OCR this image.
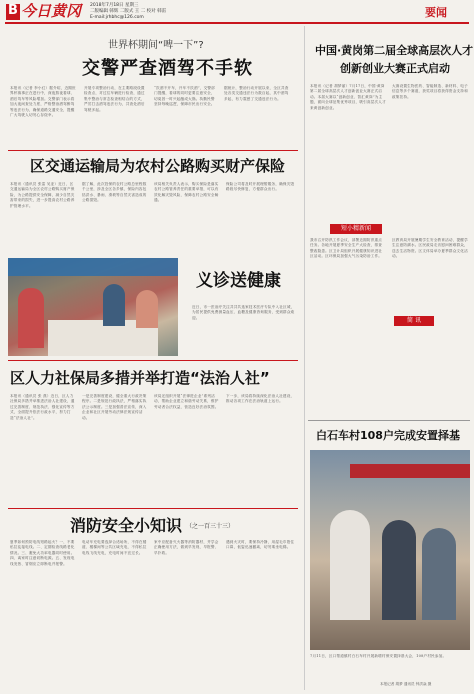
B 今日黄冈 2018年7月18日 星期三
二版编辑 韩辉 二版式 王 二 校对 韩雷
E-mail:jrhbhc@126.com	要闻
世界杯期间“啤一下”?
交警严查酒驾不手软
本报讯（记者 李小红）据介绍，近期世界杯赛事正在进行中，深夜熬夜看球、酒后驾车等风险增加。交警部门表示将加大夜间查处力度，严格整治酒驾醉驾等违法行为，确保道路交通安全，提醒广大驾驶人切勿心存侥幸。
开展专项整治行动，在主要路段设置检查点，对过往车辆进行检查，通过集中整治与常态检查相结合的方式，严厉打击酒驾违法行为，共查处酒后驾驶多起。
“饮酒不开车，开车不饮酒”，交警部门提醒，看球的同时更要注意安全，切莫因一时兴起酿成大祸。执勤民警坚持每晚巡逻，保障市民出行安全。
据统计，整治行动开展以来，全区共查处各类交通违法行为数百起，其中酒驾多起，有力震慾了交通违法行为。
区交通运输局为农村公路购买财产保险
本报讯（通讯员 张雷 吴亚）近日，区交通运输局为全区农村公路购买财产保险，为公路提供安全保障，减少自然灾害带来的损失，进一步提高农村公路养护管理水平。
据了解，此次投保的农村公路总里程数千公里，涉及全区各乡镇，保险内容包括洪水、暴雨、滑坡等自然灾害造成的公路损毁。
该局相关负责人表示，购买保险是落实农村公路管养责任的重要举措，可以有效化解灾毁风险，保障农村公路安全畅通。
保险公司将及时开展理赔服务，确保灾毁路段尽快修复，方便群众出行。
义诊送健康
近日，市一医治疗关注共共共选家技术医疗专队中入社区城，为居民提供免费测量血压、血糖及健康咨询服务，受到群众欢迎。
区人力社保局多措并举打造“法治人社”
本报讯（通讯员 张 燕）近日，区人力社保局多措并举推进法治人社建设，通过完善制度、规范执法、强化宣传等方式，全面提升依法行政水平，努力打造“法治人社”。
一是完善制度建设，健全重大行政决策程序。二是规范行政执法，严格落实执法公示制度。三是加强普法宣传，深入企业和社区开展劳动法律法规宣传活动。
该局还组织开展“法律进企业”系列活动，帮助企业建立和谐劳动关系，维护劳动者合法权益，营造良好法治氛围。
下一步，该局将持续深化法治人社建设，推动各项工作在法治轨道上运行。
消防安全小知识 （之一百三十三）
夏季如何预防电线短路起火？一、不要私拉乱接电线。二、定期检查线路老化情况。三、避免大功率电器同时使用。四、离家时注意切断电源。五、发现电线发热、冒烟应立即断电并报警。
电动车充电要选择合适场所，不得在楼道、楼梯间等公共区域充电，不得私拉电线飞线充电，充电时间不宜过长。
家中应配备灭火器等消防器材，并学会正确使用方法，做到早发现、早报警、早扑救。
遇到火灾时，要保持冷静，用湿毛巾捂住口鼻，低姿迅速撤离，切勿乘坐电梯。
中国·黄岗第二届全球高层次人才
创新创业大赛正式启动
本报讯（记者 胡梦丽）7月17日，中国·黄岗第二届全球高层次人才创新创业大赛正式启动。本届大赛以“创新创业、智汇黄岗”为主题，面向全球征集优秀项目，吸引高层次人才来黄创新创业。
大赛设置生物医药、智能制造、新材料、电子信息等多个赛道，获奖项目将获得资金支持和政策扶持。
短小精新闻
我市召开防汛工作会议，部署近期防汛重点任务。各地开展夏季安全生产大检查，排查整改隐患。区卫计局组织开展健康知识进社区活动。区环保局加强大气污染防治工作。
简 讯
区教育局开展暑期学生安全教育活动，提醒学生注意防溺水。区民政局走访慰问困难群众，送去生活物资。区文体局举办夏季群众文化活动。
白石车村108户完成安置择基
7月11日，区口帮道镇村白石车村开展新增村保安置择基大会，108户村民参加。
本报记者 胡梦 通讯员 钟洪焱 摄
